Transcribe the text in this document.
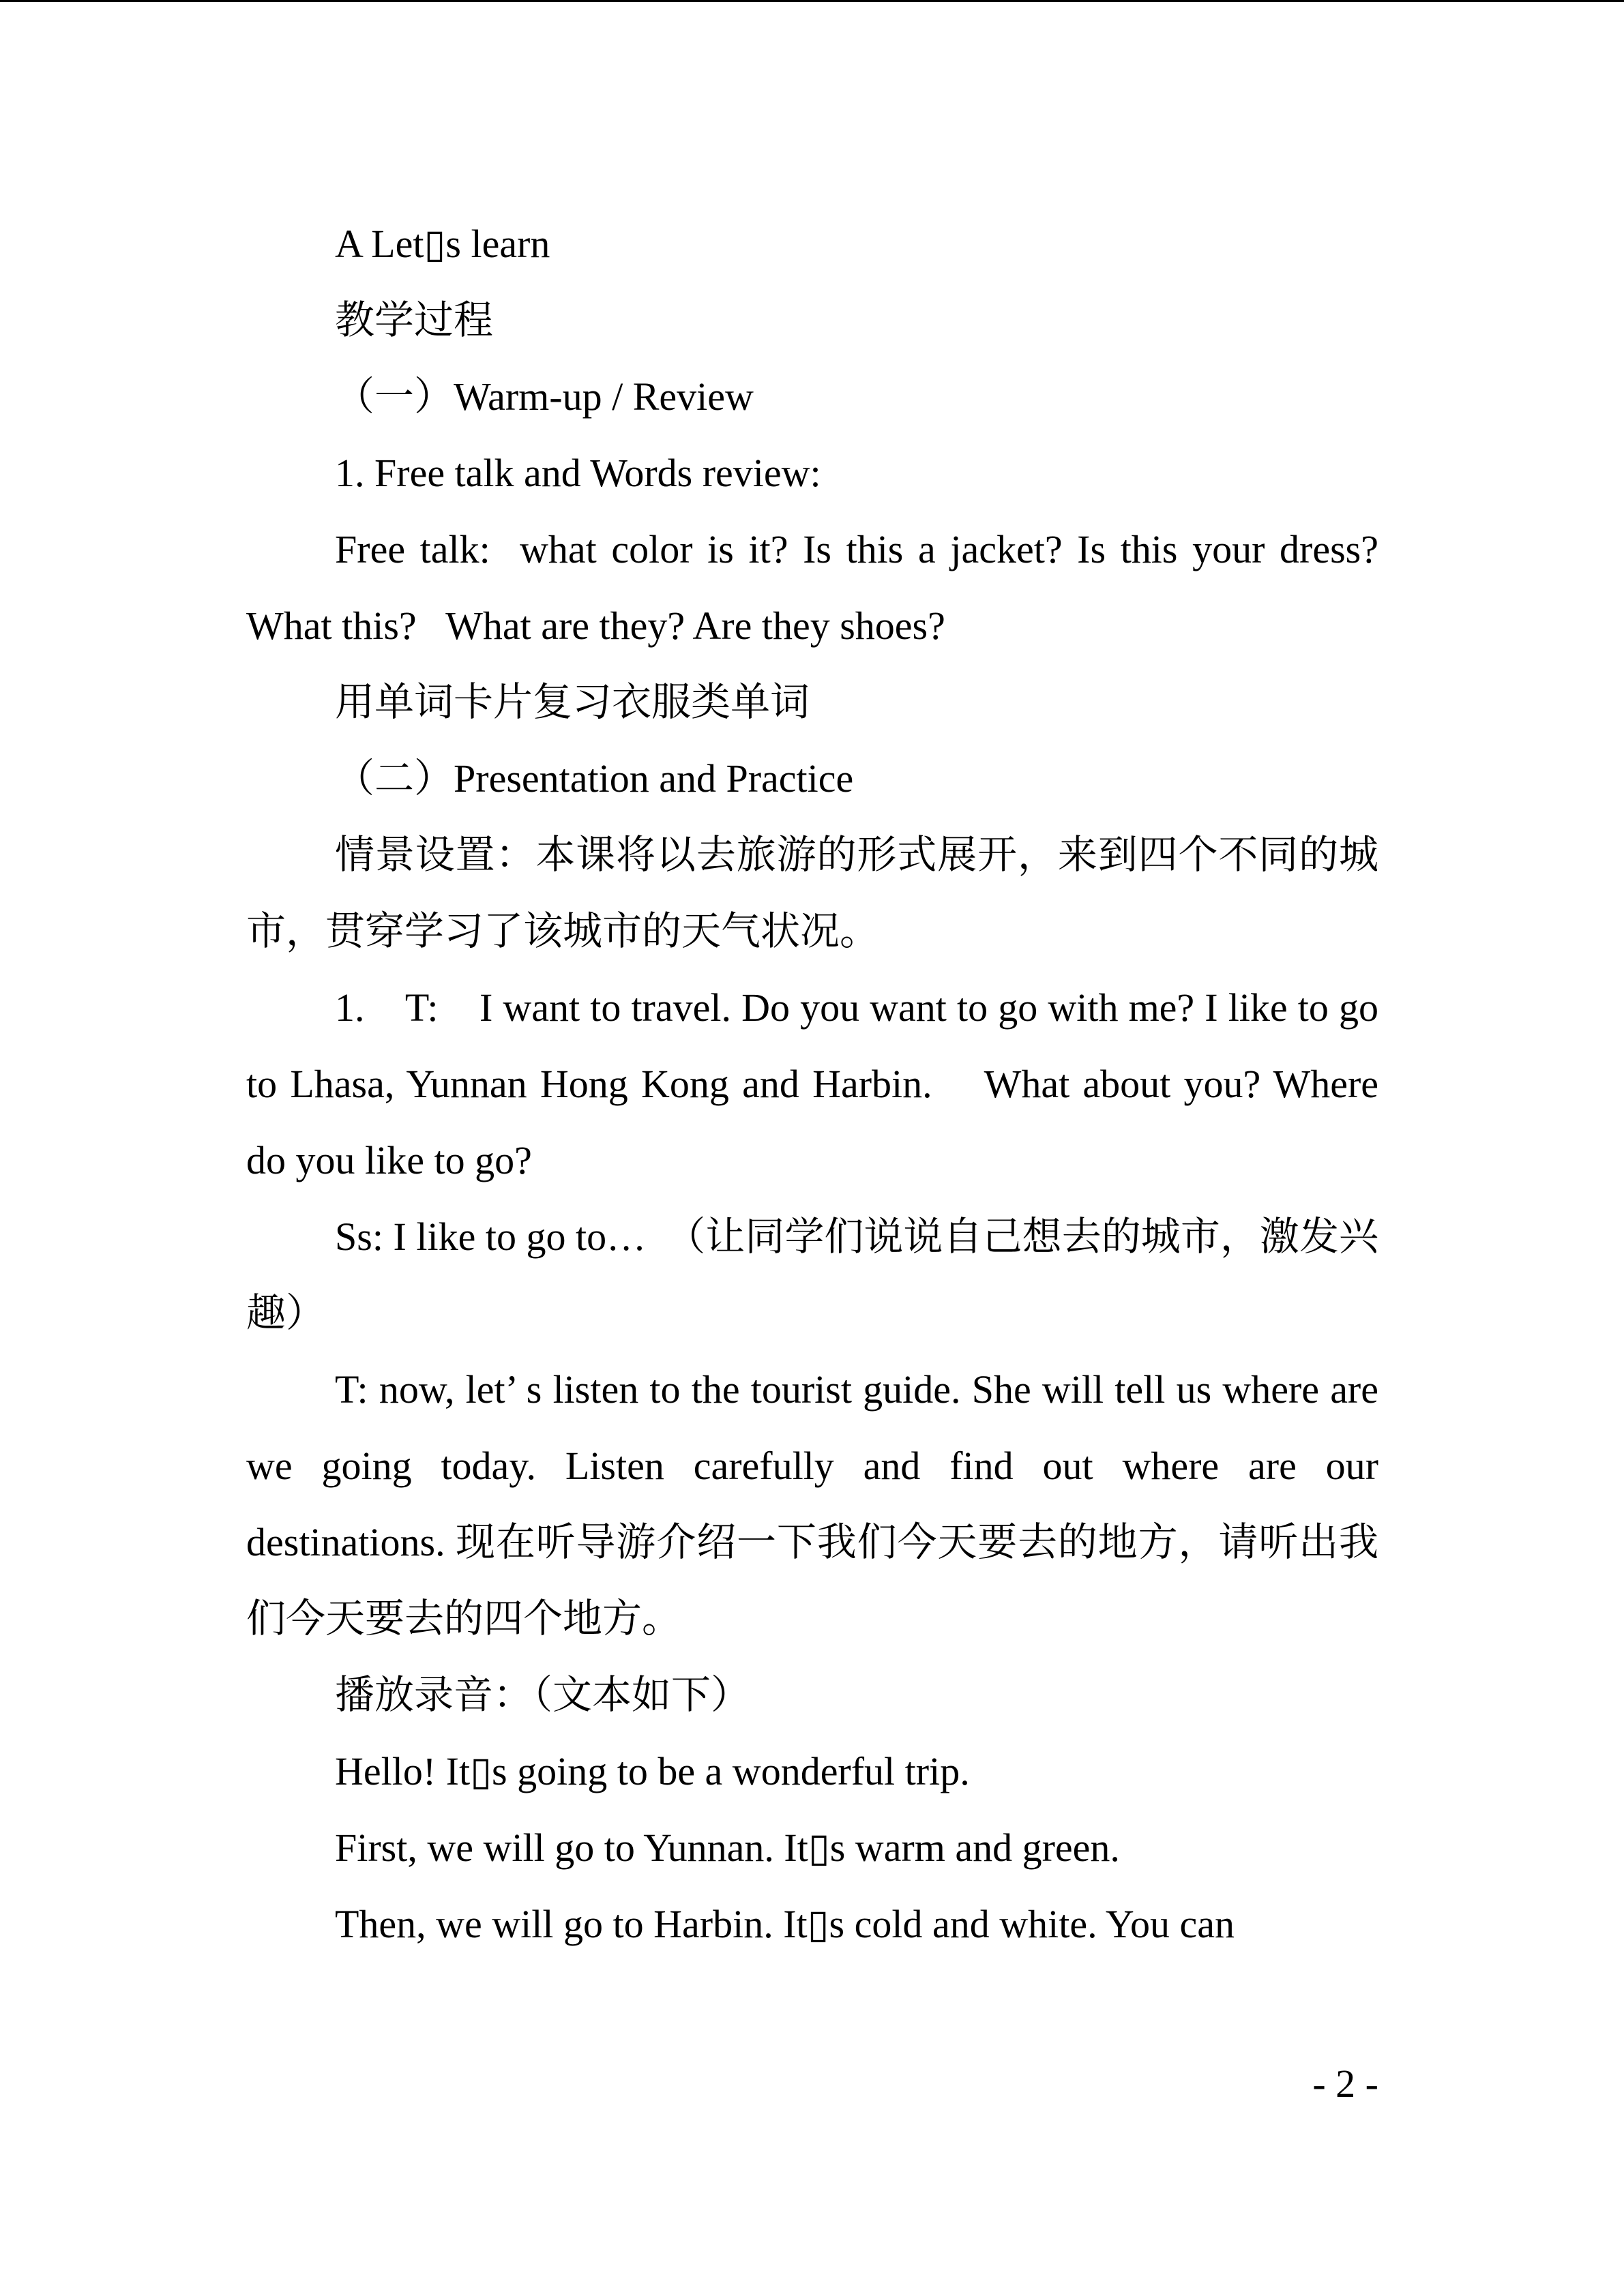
A Let▯s learn

教学过程

（一）Warm-up / Review

1. Free talk and Words review:

Free talk:  what color is it? Is this a jacket? Is this your dress? What this?   What are they? Are they shoes?

用单词卡片复习衣服类单词

（二）Presentation and Practice

情景设置：本课将以去旅游的形式展开，来到四个不同的城市，贯穿学习了该城市的天气状况。

1.    T:    I want to travel. Do you want to go with me? I like to go to Lhasa, Yunnan Hong Kong and Harbin.    What about you? Where do you like to go?

Ss: I like to go to…  （让同学们说说自己想去的城市，激发兴趣）

T: now, let’ s listen to the tourist guide. She will tell us where are we going today. Listen carefully and find out where are our destinations. 现在听导游介绍一下我们今天要去的地方，请听出我们今天要去的四个地方。

播放录音：（文本如下）

Hello! It▯s going to be a wonderful trip.

First, we will go to Yunnan. It▯s warm and green.

Then, we will go to Harbin. It▯s cold and white. You can

- 2 -
